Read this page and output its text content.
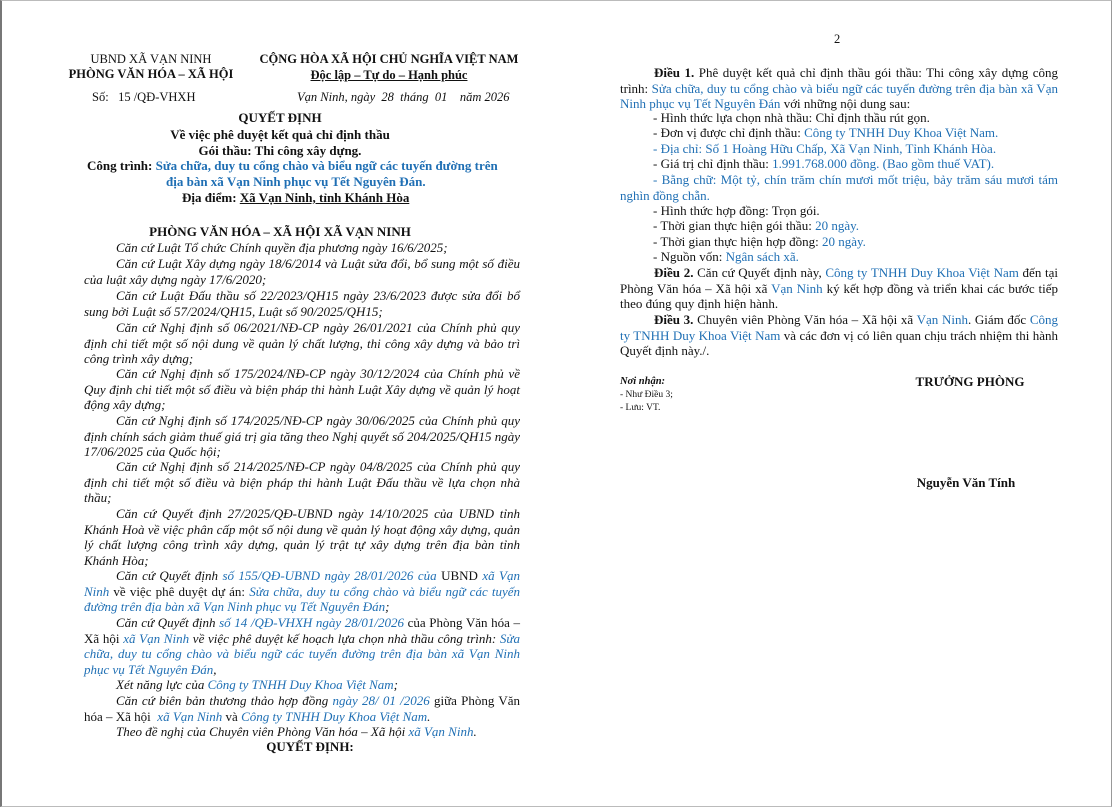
UBND XÃ VẠN NINH
PHÒNG VĂN HÓA – XÃ HỘI
Số: 15 /QĐ-VHXH
CỘNG HÒA XÃ HỘI CHỦ NGHĨA VIỆT NAM
Độc lập – Tự do – Hạnh phúc
Vạn Ninh, ngày 28 tháng 01 năm 2026
QUYẾT ĐỊNH
Về việc phê duyệt kết quả chỉ định thầu
Gói thầu: Thi công xây dựng.
Công trình: Sửa chữa, duy tu cổng chào và biểu ngữ các tuyến đường trên
địa bàn xã Vạn Ninh phục vụ Tết Nguyên Đán.
Địa điểm: Xã Vạn Ninh, tỉnh Khánh Hòa
PHÒNG VĂN HÓA – XÃ HỘI XÃ VẠN NINH
Căn cứ Luật Tổ chức Chính quyền địa phương ngày 16/6/2025;
Căn cứ Luật Xây dựng ngày 18/6/2014 và Luật sửa đổi, bổ sung một số điều của luật xây dựng ngày 17/6/2020;
Căn cứ Luật Đấu thầu số 22/2023/QH15 ngày 23/6/2023 được sửa đổi bổ sung bởi Luật số 57/2024/QH15, Luật số 90/2025/QH15;
Căn cứ Nghị định số 06/2021/NĐ-CP ngày 26/01/2021 của Chính phủ quy định chi tiết một số nội dung về quản lý chất lượng, thi công xây dựng và bảo trì công trình xây dựng;
Căn cứ Nghị định số 175/2024/NĐ-CP ngày 30/12/2024 của Chính phủ về Quy định chi tiết một số điều và biện pháp thi hành Luật Xây dựng về quản lý hoạt động xây dựng;
Căn cứ Nghị định số 174/2025/NĐ-CP ngày 30/06/2025 của Chính phủ quy định chính sách giảm thuế giá trị gia tăng theo Nghị quyết số 204/2025/QH15 ngày 17/06/2025 của Quốc hội;
Căn cứ Nghị định số 214/2025/NĐ-CP ngày 04/8/2025 của Chính phủ quy định chi tiết một số điều và biện pháp thi hành Luật Đấu thầu về lựa chọn nhà thầu;
Căn cứ Quyết định 27/2025/QĐ-UBND ngày 14/10/2025 của UBND tỉnh Khánh Hoà về việc phân cấp một số nội dung về quản lý hoạt động xây dựng, quản lý chất lượng công trình xây dựng, quản lý trật tự xây dựng trên địa bàn tỉnh Khánh Hòa;
Căn cứ Quyết định số 155/QĐ-UBND ngày 28/01/2026 của UBND xã Vạn Ninh về việc phê duyệt dự án: Sửa chữa, duy tu cổng chào và biểu ngữ các tuyến đường trên địa bàn xã Vạn Ninh phục vụ Tết Nguyên Đán;
Căn cứ Quyết định số 14 /QĐ-VHXH ngày 28/01/2026 của Phòng Văn hóa – Xã hội xã Vạn Ninh về việc phê duyệt kế hoạch lựa chọn nhà thầu công trình: Sửa chữa, duy tu cổng chào và biểu ngữ các tuyến đường trên địa bàn xã Vạn Ninh phục vụ Tết Nguyên Đán,
Xét năng lực của Công ty TNHH Duy Khoa Việt Nam;
Căn cứ biên bản thương thảo hợp đồng ngày 28/ 01 /2026 giữa Phòng Văn hóa – Xã hội xã Vạn Ninh và Công ty TNHH Duy Khoa Việt Nam.
Theo đề nghị của Chuyên viên Phòng Văn hóa – Xã hội xã Vạn Ninh.
QUYẾT ĐỊNH:
2
Điều 1. Phê duyệt kết quả chỉ định thầu gói thầu: Thi công xây dựng công trình: Sửa chữa, duy tu cổng chào và biểu ngữ các tuyến đường trên địa bàn xã Vạn Ninh phục vụ Tết Nguyên Đán với những nội dung sau:
- Hình thức lựa chọn nhà thầu: Chỉ định thầu rút gọn.
- Đơn vị được chỉ định thầu: Công ty TNHH Duy Khoa Việt Nam.
- Địa chỉ: Số 1 Hoàng Hữu Chấp, Xã Vạn Ninh, Tỉnh Khánh Hòa.
- Giá trị chỉ định thầu: 1.991.768.000 đồng. (Bao gồm thuế VAT).
- Bằng chữ: Một tỷ, chín trăm chín mươi mốt triệu, bảy trăm sáu mươi tám nghìn đồng chẵn.
- Hình thức hợp đồng: Trọn gói.
- Thời gian thực hiện gói thầu: 20 ngày.
- Thời gian thực hiện hợp đồng: 20 ngày.
- Nguồn vốn: Ngân sách xã.
Điều 2. Căn cứ Quyết định này, Công ty TNHH Duy Khoa Việt Nam đến tại Phòng Văn hóa – Xã hội xã Vạn Ninh ký kết hợp đồng và triển khai các bước tiếp theo đúng quy định hiện hành.
Điều 3. Chuyên viên Phòng Văn hóa – Xã hội xã Vạn Ninh. Giám đốc Công ty TNHH Duy Khoa Việt Nam và các đơn vị có liên quan chịu trách nhiệm thi hành Quyết định này./.
Nơi nhận:
- Như Điều 3;
- Lưu: VT.
TRƯỞNG PHÒNG
Nguyễn Văn Tính
